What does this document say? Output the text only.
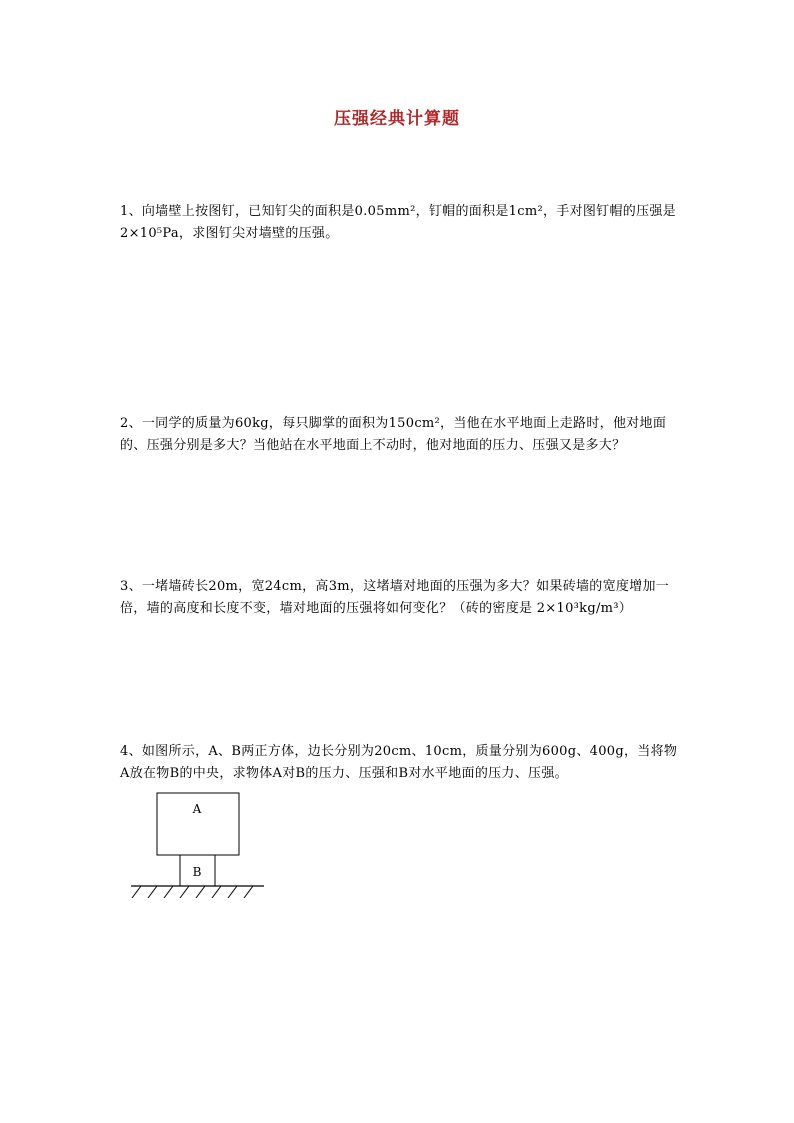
压强经典计算题

1、向墙壁上按图钉，已知钉尖的面积是0.05mm²，钉帽的面积是1cm²，手对图钉帽的压强是2×10⁵Pa，求图钉尖对墙壁的压强。

2、一同学的质量为60kg，每只脚掌的面积为150cm²，当他在水平地面上走路时，他对地面的、压强分别是多大？当他站在水平地面上不动时，他对地面的压力、压强又是多大？

3、一堵墙砖长20m，宽24cm，高3m，这堵墙对地面的压强为多大？如果砖墙的宽度增加一倍，墙的高度和长度不变，墙对地面的压强将如何变化？（砖的密度是 2×10³kg/m³）

4、如图所示，A、B两正方体，边长分别为20cm、10cm，质量分别为600g、400g，当将物A放在物B的中央，求物体A对B的压力、压强和B对水平地面的压力、压强。

A
B
